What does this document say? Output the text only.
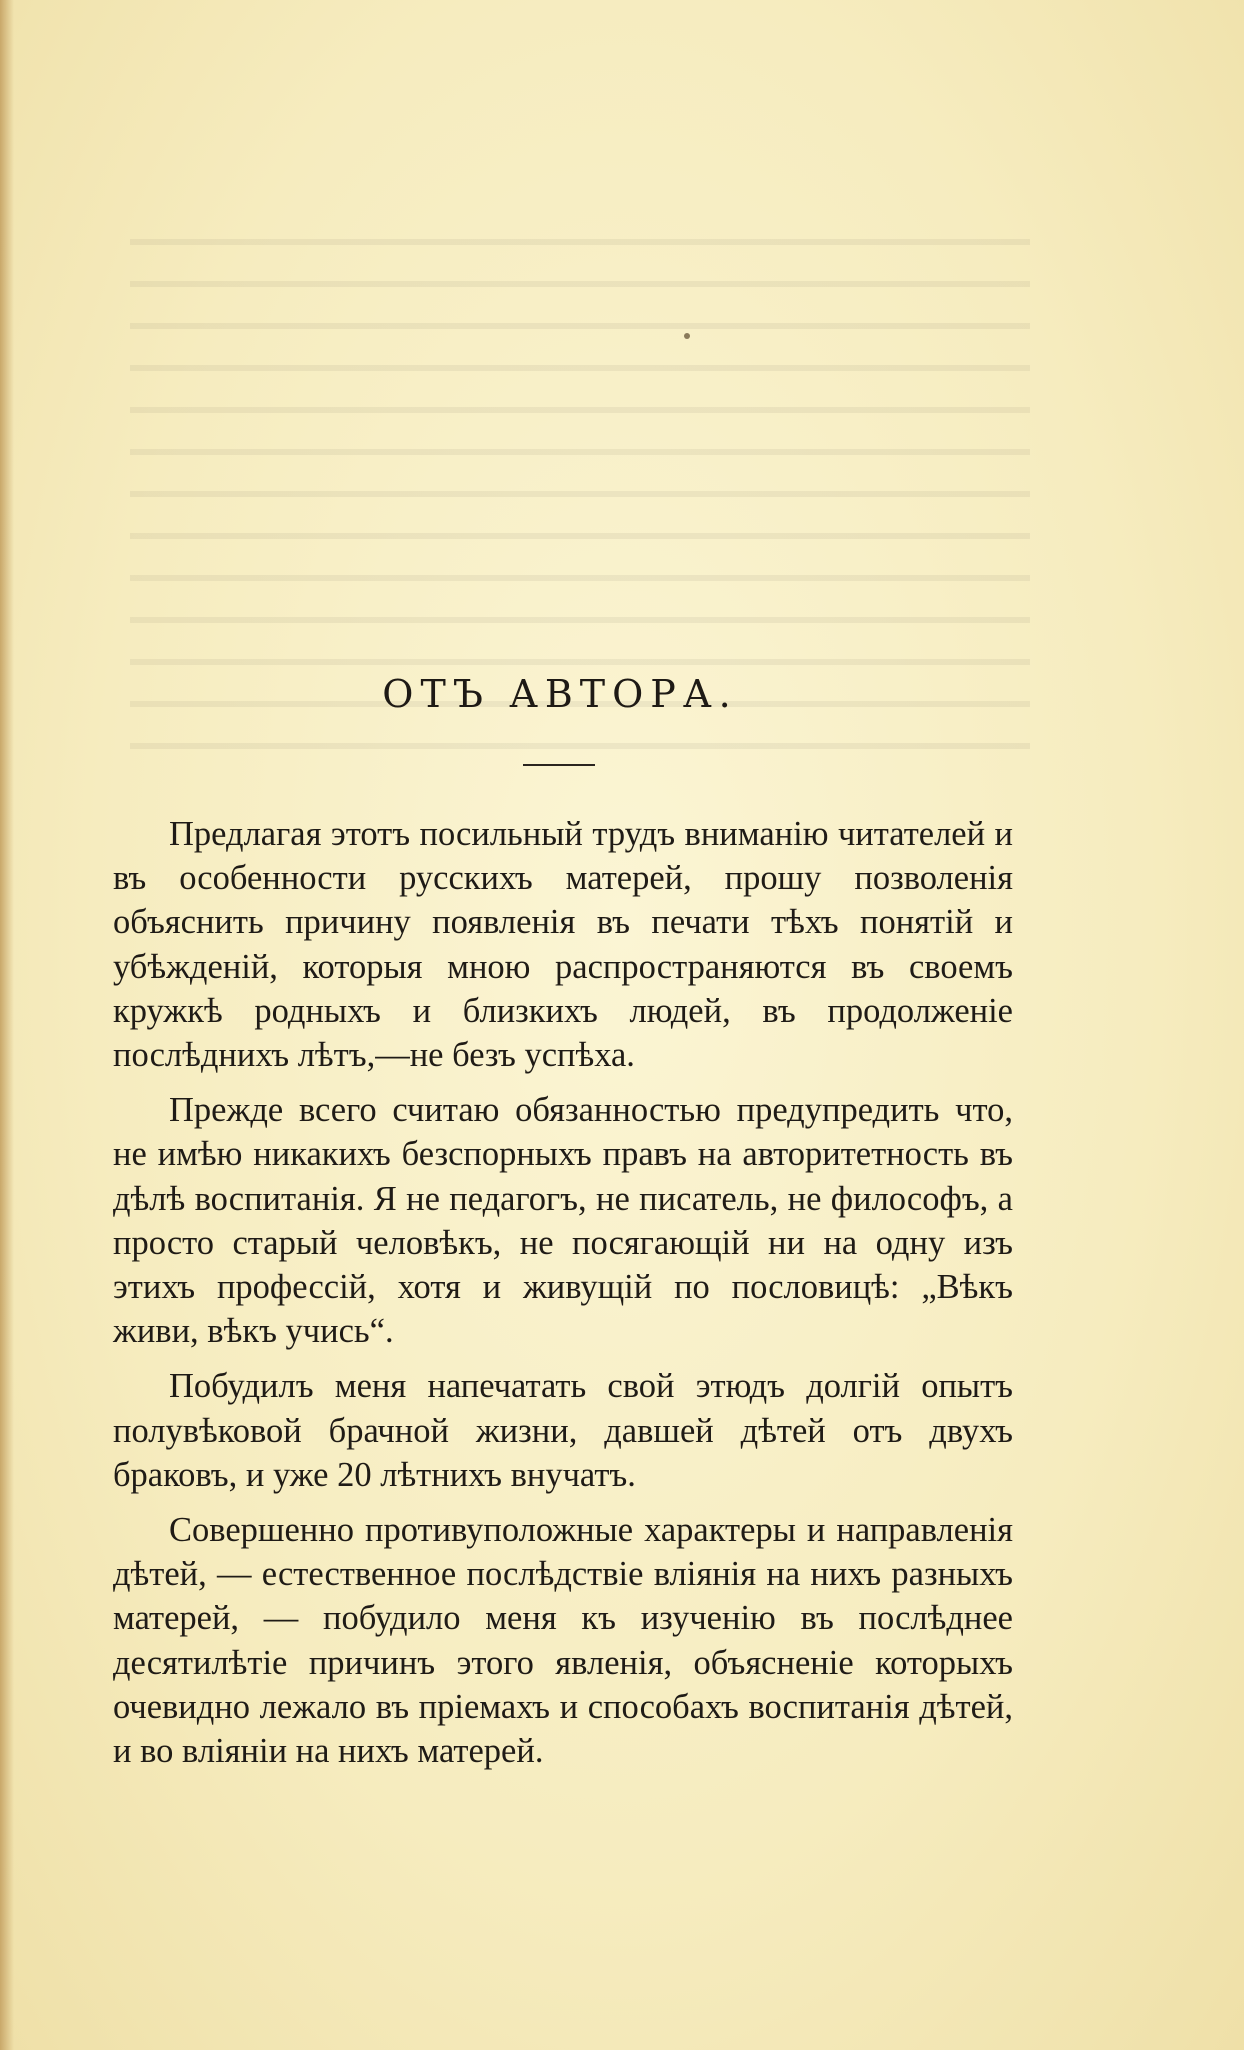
ОТЪ АВТОРА.

Предлагая этотъ посильный трудъ вниманію читателей и въ особенности русскихъ матерей, прошу позволенія объяснить причину появленія въ печати тѣхъ понятій и убѣжденій, которыя мною распространяются въ своемъ кружкѣ родныхъ и близкихъ людей, въ продолженіе послѣднихъ лѣтъ,—не безъ успѣха.

Прежде всего считаю обязанностью предупредить что, не имѣю никакихъ безспорныхъ правъ на авторитетность въ дѣлѣ воспитанія. Я не педагогъ, не писатель, не философъ, а просто старый человѣкъ, не посягающій ни на одну изъ этихъ профессій, хотя и живущій по пословицѣ: „Вѣкъ живи, вѣкъ учись“.

Побудилъ меня напечатать свой этюдъ долгій опытъ полувѣковой брачной жизни, давшей дѣтей отъ двухъ браковъ, и уже 20 лѣтнихъ внучатъ.

Совершенно противуположные характеры и направленія дѣтей, — естественное послѣдствіе вліянія на нихъ разныхъ матерей, — побудило меня къ изученію въ послѣднее десятилѣтіе причинъ этого явленія, объясненіе которыхъ очевидно лежало въ пріемахъ и способахъ воспитанія дѣтей, и во вліяніи на нихъ матерей.
